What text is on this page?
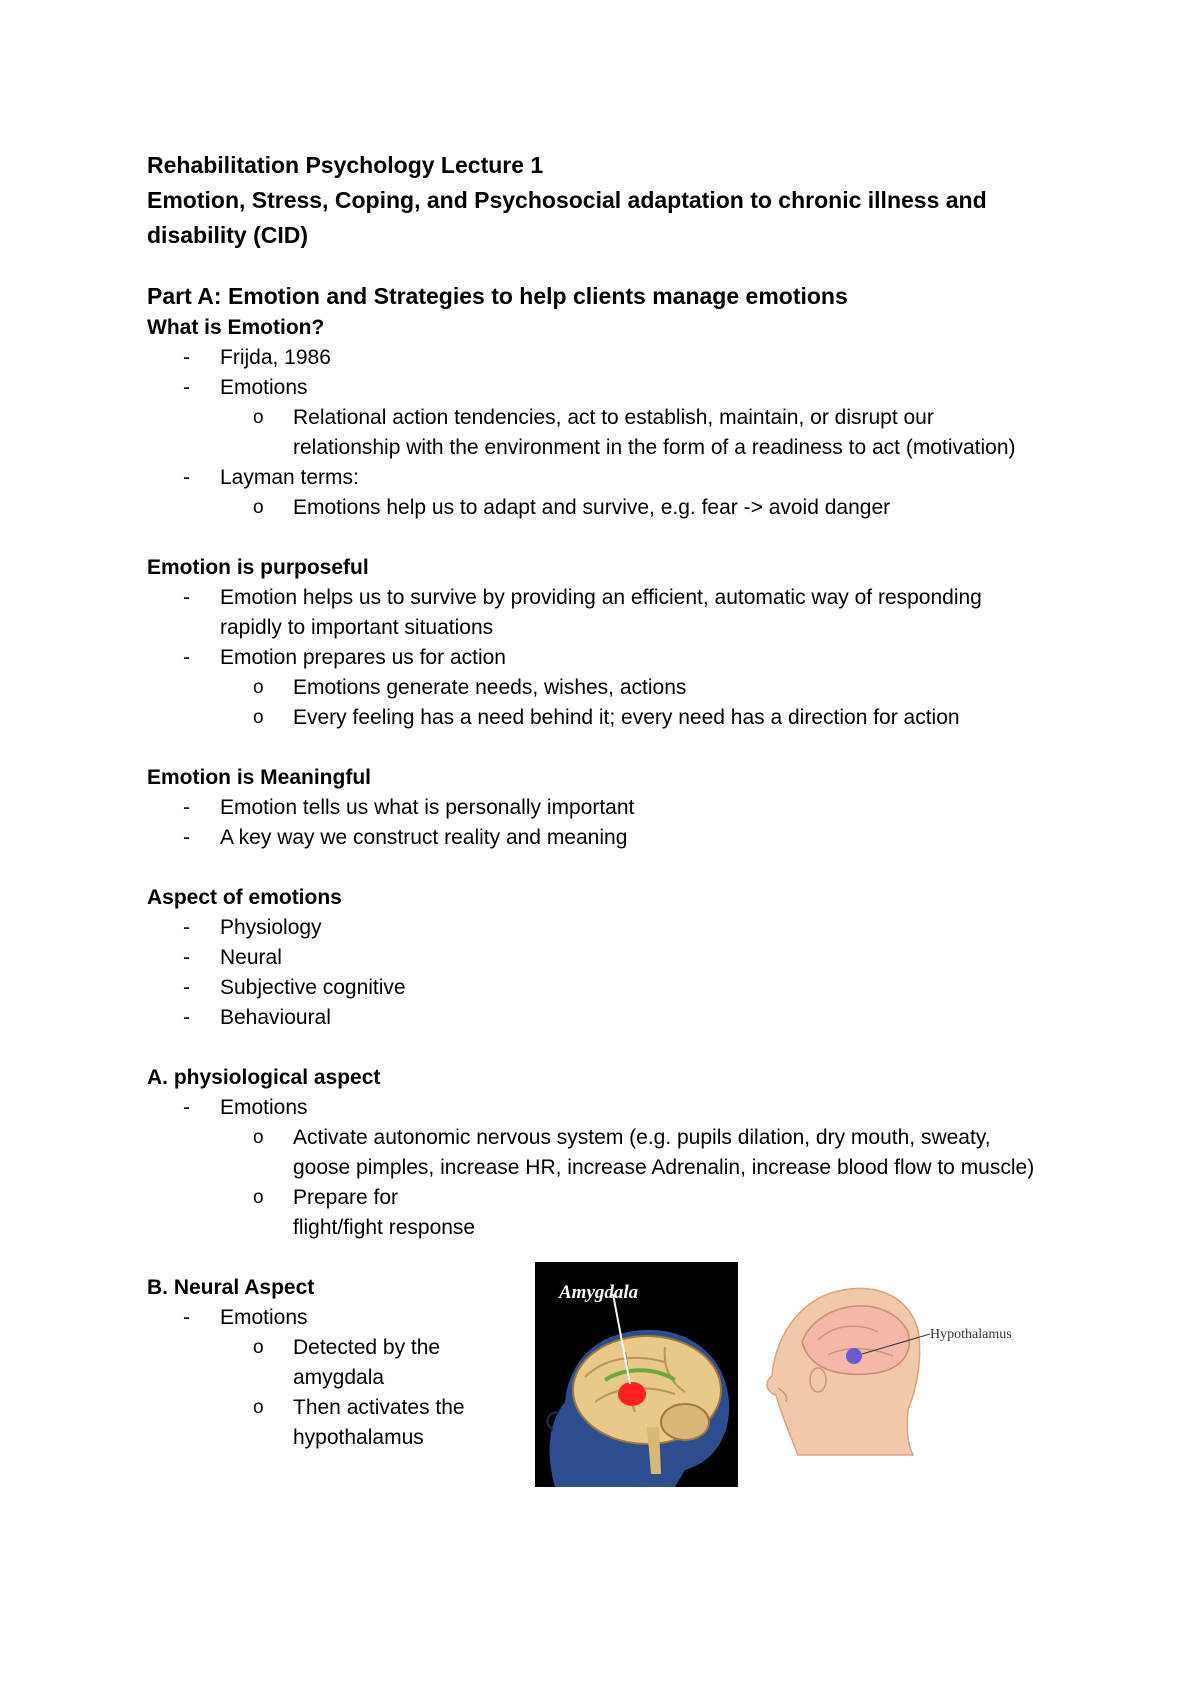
Rehabilitation Psychology Lecture 1

Emotion, Stress, Coping, and Psychosocial adaptation to chronic illness and disability (CID)

Part A: Emotion and Strategies to help clients manage emotions

What is Emotion?

- Frijda, 1986
- Emotions
o Relational action tendencies, act to establish, maintain, or disrupt our relationship with the environment in the form of a readiness to act (motivation)
- Layman terms:
o Emotions help us to adapt and survive, e.g. fear -> avoid danger

Emotion is purposeful

- Emotion helps us to survive by providing an efficient, automatic way of responding rapidly to important situations
- Emotion prepares us for action
o Emotions generate needs, wishes, actions
o Every feeling has a need behind it; every need has a direction for action

Emotion is Meaningful

- Emotion tells us what is personally important
- A key way we construct reality and meaning

Aspect of emotions

- Physiology
- Neural
- Subjective cognitive
- Behavioural

A. physiological aspect

- Emotions
o Activate autonomic nervous system (e.g. pupils dilation, dry mouth, sweaty, goose pimples, increase HR, increase Adrenalin, increase blood flow to muscle)
o Prepare for flight/fight response

B. Neural Aspect

- Emotions
o Detected by the amygdala
o Then activates the hypothalamus
Amygdala
Hypothalamus
